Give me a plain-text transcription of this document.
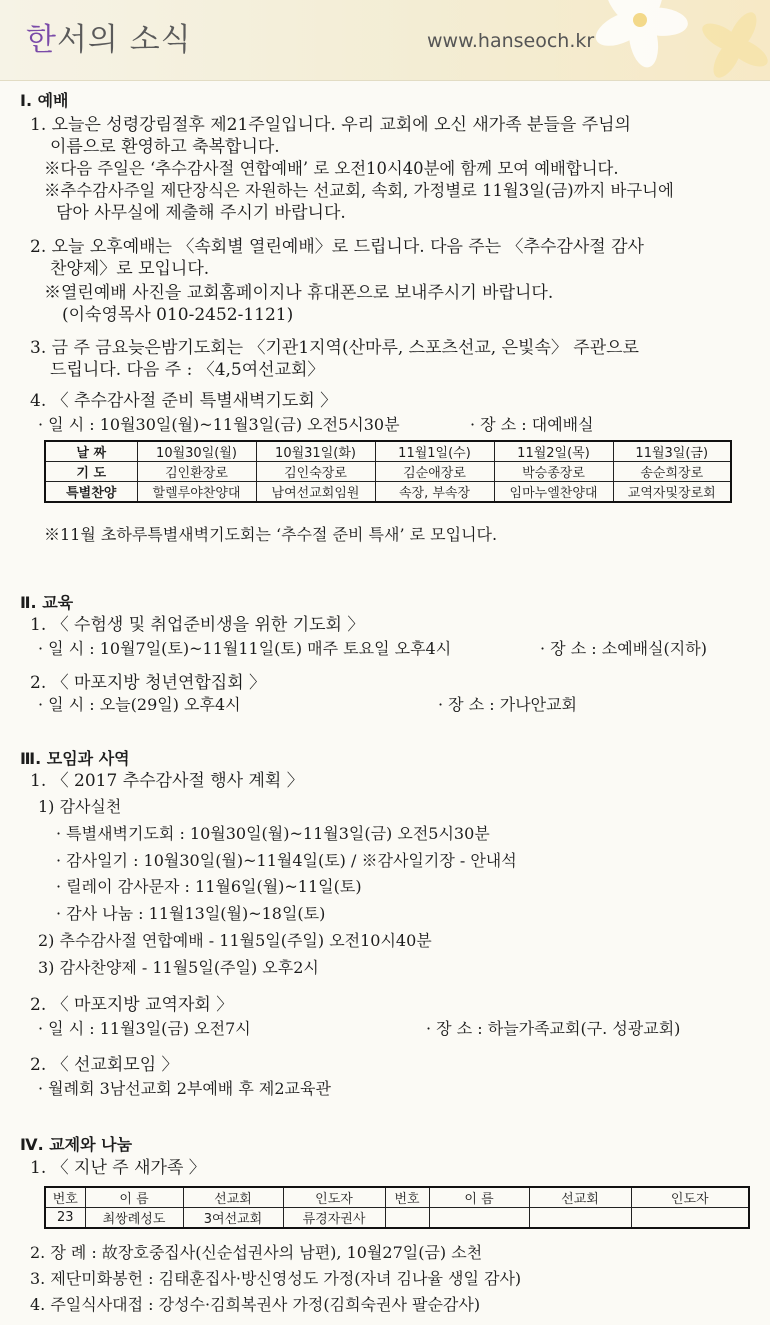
한서의 소식	www.hanseoch.kr
Ⅰ. 예배
1. 오늘은 성령강림절후 제21주일입니다. 우리 교회에 오신 새가족 분들을 주님의
이름으로 환영하고 축복합니다.
※다음 주일은 ‘추수감사절 연합예배’ 로 오전10시40분에 함께 모여 예배합니다.
※추수감사주일 제단장식은 자원하는 선교회, 속회, 가정별로 11월3일(금)까지 바구니에
담아 사무실에 제출해 주시기 바랍니다.
2. 오늘 오후예배는 〈속회별 열린예배〉로 드립니다. 다음 주는 〈추수감사절 감사
찬양제〉로 모입니다.
※열린예배 사진을 교회홈페이지나 휴대폰으로 보내주시기 바랍니다.
(이숙영목사 010-2452-1121)
3. 금 주 금요늦은밤기도회는 〈기관1지역(산마루, 스포츠선교, 은빛속〉 주관으로
드립니다. 다음 주 : 〈4,5여선교회〉
4. 〈 추수감사절 준비 특별새벽기도회 〉
· 일 시 : 10월30일(월)~11월3일(금) 오전5시30분	· 장 소 : 대예배실
날 짜	10월30일(월)	10월31일(화)	11월1일(수)	11월2일(목)	11월3일(금)
기 도	김인환장로	김인숙장로	김순애장로	박승종장로	송순희장로
특별찬양	할렐루야찬양대	남여선교회임원	속장, 부속장	임마누엘찬양대	교역자및장로회
※11월 초하루특별새벽기도회는 ‘추수절 준비 특새’ 로 모입니다.
Ⅱ. 교육
1. 〈 수험생 및 취업준비생을 위한 기도회 〉
· 일 시 : 10월7일(토)~11월11일(토) 매주 토요일 오후4시	· 장 소 : 소예배실(지하)
2. 〈 마포지방 청년연합집회 〉
· 일 시 : 오늘(29일) 오후4시	· 장 소 : 가나안교회
Ⅲ. 모임과 사역
1. 〈 2017 추수감사절 행사 계획 〉
1) 감사실천
· 특별새벽기도회 : 10월30일(월)~11월3일(금) 오전5시30분
· 감사일기 : 10월30일(월)~11월4일(토) / ※감사일기장 - 안내석
· 릴레이 감사문자 : 11월6일(월)~11일(토)
· 감사 나눔 : 11월13일(월)~18일(토)
2) 추수감사절 연합예배 - 11월5일(주일) 오전10시40분
3) 감사찬양제 - 11월5일(주일) 오후2시
2. 〈 마포지방 교역자회 〉
· 일 시 : 11월3일(금) 오전7시	· 장 소 : 하늘가족교회(구. 성광교회)
2. 〈 선교회모임 〉
· 월례회 3남선교회 2부예배 후 제2교육관
Ⅳ. 교제와 나눔
1. 〈 지난 주 새가족 〉
번호	이 름	선교회	인도자	번호	이 름	선교회	인도자
23	최쌍례성도	3여선교회	류경자권사				
2. 장 례 : 故장호중집사(신순섭권사의 남편), 10월27일(금) 소천
3. 제단미화봉헌 : 김태훈집사·방신영성도 가정(자녀 김나율 생일 감사)
4. 주일식사대접 : 강성수·김희복권사 가정(김희숙권사 팔순감사)
